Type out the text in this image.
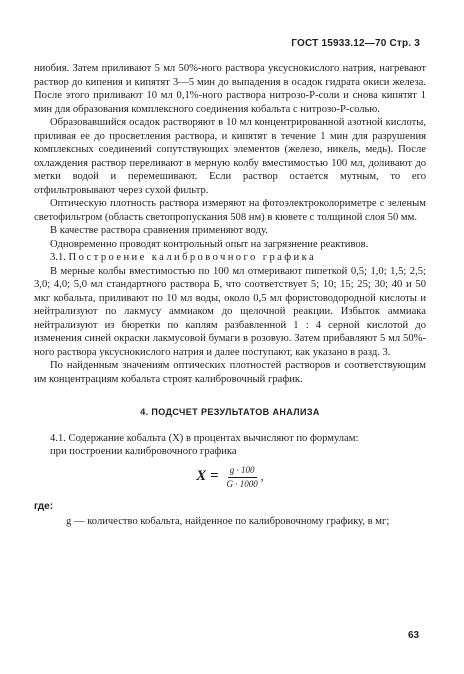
ГОСТ 15933.12—70 Стр. 3

ниобия. Затем приливают 5 мл 50%-ного раствора уксуснокислого натрия, нагревают раствор до кипения и кипятят 3—5 мин до выпадения в осадок гидрата окиси железа. После этого приливают 10 мл 0,1%-ного раствора нитрозо-Р-соли и снова кипятят 1 мин для образования комплексного соединения кобальта с нитрозо-Р-солью.

Образовавшийся осадок растворяют в 10 мл концентрированной азотной кислоты, приливая ее до просветления раствора, и кипятят в течение 1 мин для разрушения комплексных соединений сопутствующих элементов (железо, никель, медь). После охлаждения раствор переливают в мерную колбу вместимостью 100 мл, доливают до метки водой и перемешивают. Если раствор остается мутным, то его отфильтровывают через сухой фильтр.

Оптическую плотность раствора измеряют на фотоэлектроколориметре с зеленым светофильтром (область светопропускания 508 нм) в кювете с толщиной слоя 50 мм.

В качестве раствора сравнения применяют воду.

Одновременно проводят контрольный опыт на загрязнение реактивов.

3.1. Построение калибровочного графика

В мерные колбы вместимостью по 100 мл отмеривают пипеткой 0,5; 1,0; 1,5; 2,5; 3,0; 4,0; 5,0 мл стандартного раствора Б, что соответствует 5; 10; 15; 25; 30; 40 и 50 мкг кобальта, приливают по 10 мл воды, около 0,5 мл фористоводородной кислоты и нейтрализуют по лакмусу аммиаком до щелочной реакции. Избыток аммиака нейтрализуют из бюретки по каплям разбавленной 1 : 4 серной кислотой до изменения синей окраски лакмусовой бумаги в розовую. Затем прибавляют 5 мл 50%-ного раствора уксуснокислого натрия и далее поступают, как указано в разд. 3.

По найденным значениям оптических плотностей растворов и соответствующим им концентрациям кобальта строят калибровочный график.

4. ПОДСЧЕТ РЕЗУЛЬТАТОВ АНАЛИЗА

4.1. Содержание кобальта (X) в процентах вычисляют по формулам:

при построении калибровочного графика

$X = \frac{g \cdot 100}{G \cdot 1000}$ ,
где:

g — количество кобальта, найденное по калибровочному графику, в мг;

63
